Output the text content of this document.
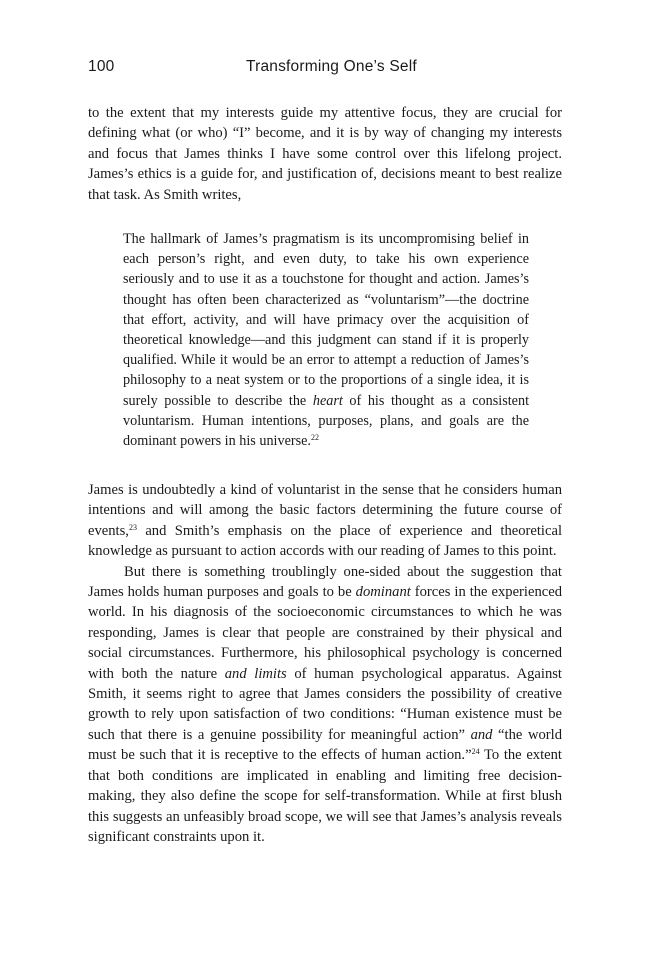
100	Transforming One’s Self

to the extent that my interests guide my attentive focus, they are crucial for defining what (or who) “I” become, and it is by way of changing my interests and focus that James thinks I have some control over this lifelong project. James’s ethics is a guide for, and justification of, decisions meant to best realize that task. As Smith writes,

The hallmark of James’s pragmatism is its uncompromising belief in each person’s right, and even duty, to take his own experience seriously and to use it as a touchstone for thought and action. James’s thought has often been characterized as “voluntarism”—the doctrine that effort, activity, and will have primacy over the acquisition of theoretical knowledge—and this judgment can stand if it is properly qualified. While it would be an error to attempt a reduction of James’s philosophy to a neat system or to the proportions of a single idea, it is surely possible to describe the heart of his thought as a consistent voluntarism. Human intentions, purposes, plans, and goals are the dominant powers in his universe.$^{22}$

James is undoubtedly a kind of voluntarist in the sense that he considers human intentions and will among the basic factors determining the future course of events,$^{23}$ and Smith’s emphasis on the place of experience and theoretical knowledge as pursuant to action accords with our reading of James to this point.

But there is something troublingly one-sided about the suggestion that James holds human purposes and goals to be dominant forces in the experienced world. In his diagnosis of the socioeconomic circumstances to which he was responding, James is clear that people are constrained by their physical and social circumstances. Furthermore, his philosophical psychology is concerned with both the nature and limits of human psychological apparatus. Against Smith, it seems right to agree that James considers the possibility of creative growth to rely upon satisfaction of two conditions: “Human existence must be such that there is a genuine possibility for meaningful action” and “the world must be such that it is receptive to the effects of human action.”$^{24}$ To the extent that both conditions are implicated in enabling and limiting free decision-making, they also define the scope for self-transformation. While at first blush this suggests an unfeasibly broad scope, we will see that James’s analysis reveals significant constraints upon it.
